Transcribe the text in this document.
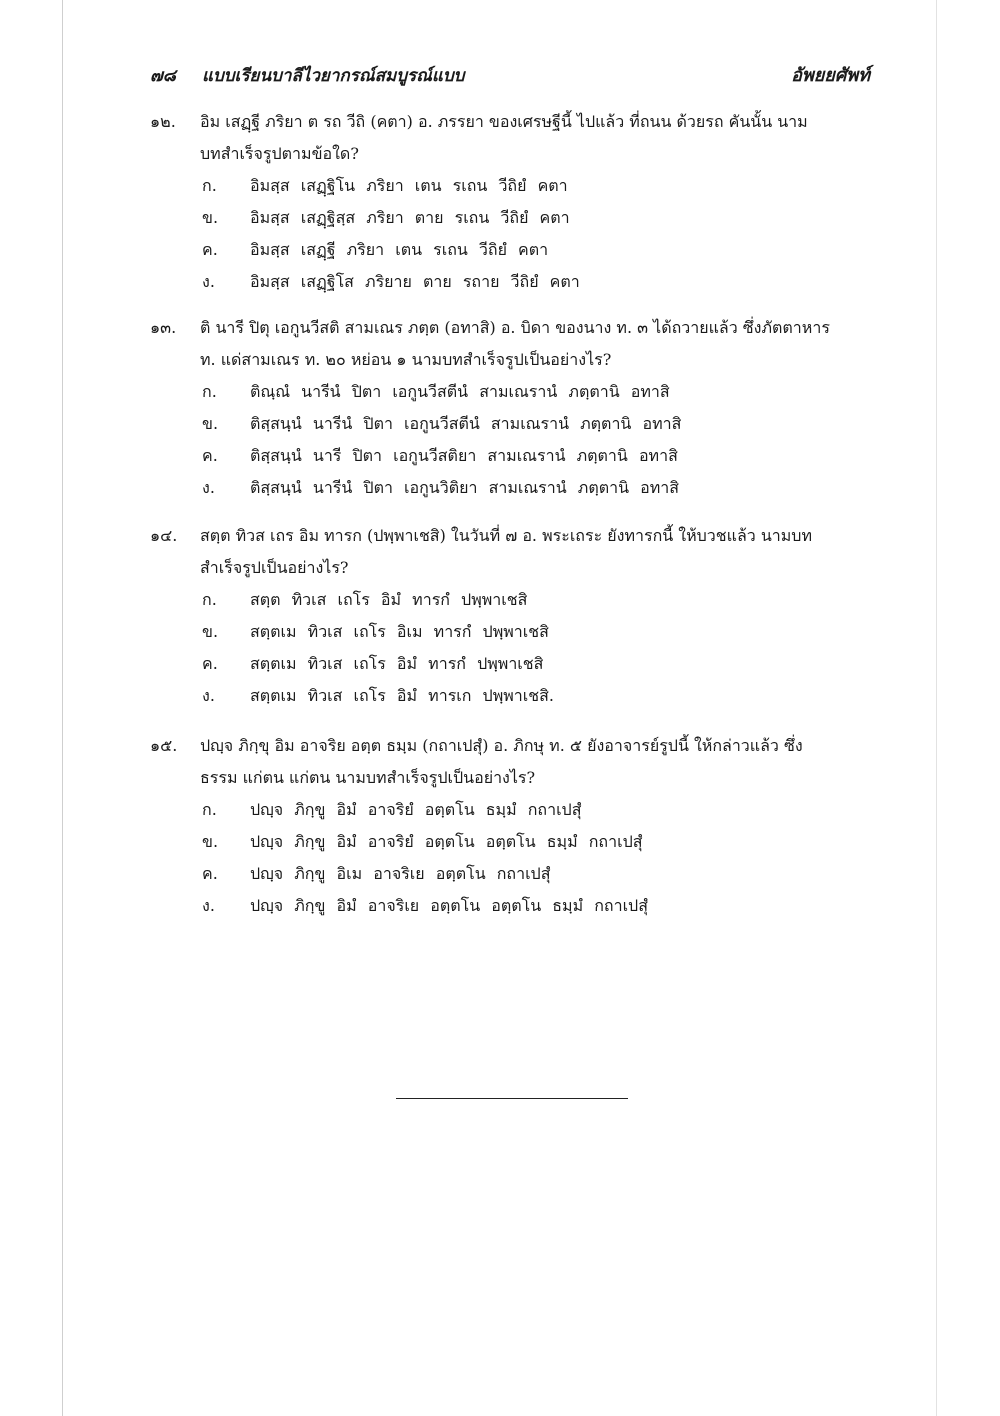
๗๘ แบบเรียนบาลีไวยากรณ์สมบูรณ์แบบ	อัพยยศัพท์
๑๒. อิม เสฏฺฐี ภริยา ต รถ วีถิ (คตา) อ. ภรรยา ของเศรษฐีนี้ ไปแล้ว ที่ถนน ด้วยรถ คันนั้น นาม
บทสำเร็จรูปตามข้อใด?
ก. อิมสฺส เสฏฺฐิโน ภริยา เตน รเถน วีถิยํ คตา
ข. อิมสฺส เสฏฺฐิสฺส ภริยา ตาย รเถน วีถิยํ คตา
ค. อิมสฺส เสฏฺฐี ภริยา เตน รเถน วีถิยํ คตา
ง. อิมสฺส เสฏฺฐิโส ภริยาย ตาย รถาย วีถิยํ คตา
๑๓. ติ นารี ปิตุ เอกูนวีสติ สามเณร ภตฺต (อทาสิ) อ. บิดา ของนาง ท. ๓ ได้ถวายแล้ว ซึ่งภัตตาหาร
ท. แด่สามเณร ท. ๒๐ หย่อน ๑ นามบทสำเร็จรูปเป็นอย่างไร?
ก. ติณฺณํ นารีนํ ปิตา เอกูนวีสตีนํ สามเณรานํ ภตฺตานิ อทาสิ
ข. ติสฺสนฺนํ นารีนํ ปิตา เอกูนวีสตีนํ สามเณรานํ ภตฺตานิ อทาสิ
ค. ติสฺสนฺนํ นารี ปิตา เอกูนวีสติยา สามเณรานํ ภตฺตานิ อทาสิ
ง. ติสฺสนฺนํ นารีนํ ปิตา เอกูนวิติยา สามเณรานํ ภตฺตานิ อทาสิ
๑๔. สตฺต ทิวส เถร อิม ทารก (ปพฺพาเชสิ) ในวันที่ ๗ อ. พระเถระ ยังทารกนี้ ให้บวชแล้ว นามบท
สำเร็จรูปเป็นอย่างไร?
ก. สตฺต ทิวเส เถโร อิมํ ทารกํ ปพฺพาเชสิ
ข. สตฺตเม ทิวเส เถโร อิเม ทารกํ ปพฺพาเชสิ
ค. สตฺตเม ทิวเส เถโร อิมํ ทารกํ ปพฺพาเชสิ
ง. สตฺตเม ทิวเส เถโร อิมํ ทารเก ปพฺพาเชสิ.
๑๕. ปญฺจ ภิกฺขุ อิม อาจริย อตฺต ธมฺม (กถาเปสุํ) อ. ภิกษุ ท. ๕ ยังอาจารย์รูปนี้ ให้กล่าวแล้ว ซึ่ง
ธรรม แก่ตน แก่ตน นามบทสำเร็จรูปเป็นอย่างไร?
ก. ปญฺจ ภิกฺขู อิมํ อาจริยํ อตฺตโน ธมฺมํ กถาเปสุํ
ข. ปญฺจ ภิกฺขู อิมํ อาจริยํ อตฺตโน อตฺตโน ธมฺมํ กถาเปสุํ
ค. ปญฺจ ภิกฺขู อิเม อาจริเย อตฺตโน กถาเปสุํ
ง. ปญฺจ ภิกฺขู อิมํ อาจริเย อตฺตโน อตฺตโน ธมฺมํ กถาเปสุํ
